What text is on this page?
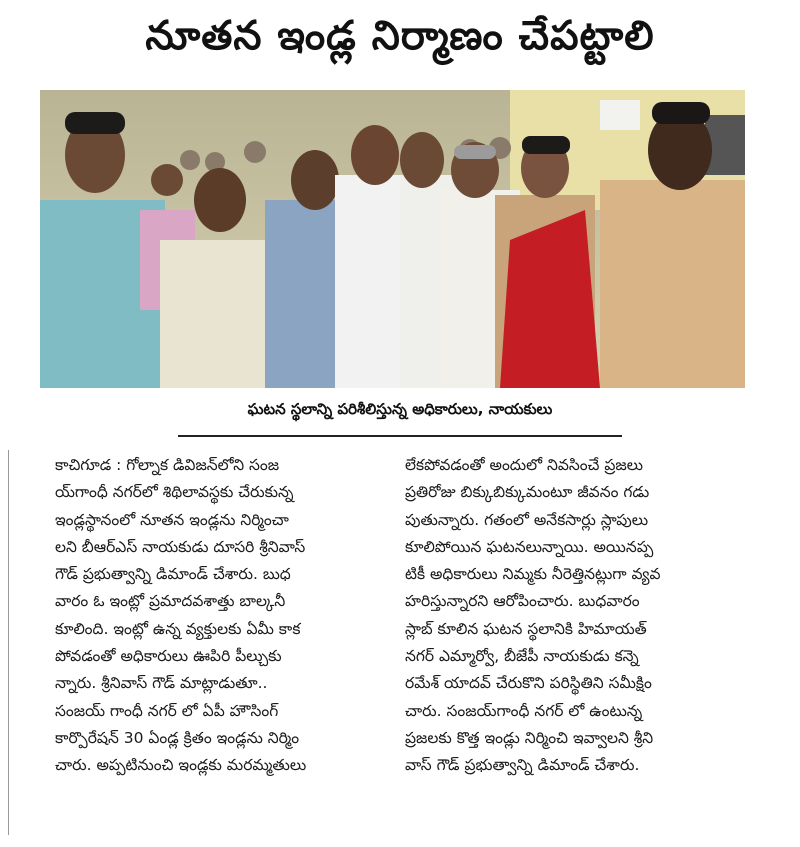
నూతన ఇండ్ల నిర్మాణం చేపట్టాలి
ఘటన స్థలాన్ని పరిశీలిస్తున్న అధికారులు, నాయకులు

కాచిగూడ : గోల్నాక డివిజన్‌లోని సంజ

య్‌గాంధీ నగర్‌లో శిథిలావస్థకు చేరుకున్న

ఇండ్లస్థానంలో నూతన ఇండ్లను నిర్మించా

లని బీఆర్ఎస్ నాయకుడు దూసరి శ్రీనివాస్

గౌడ్ ప్రభుత్వాన్ని డిమాండ్ చేశారు. బుధ

వారం ఓ ఇంట్లో ప్రమాదవశాత్తు బాల్కనీ

కూలింది. ఇంట్లో ఉన్న వ్యక్తులకు ఏమీ కాక

పోవడంతో అధికారులు ఊపిరి పీల్చుకు

న్నారు. శ్రీనివాస్ గౌడ్ మాట్లాడుతూ..

సంజయ్ గాంధీ నగర్ లో ఏపీ హౌసింగ్

కార్పొరేషన్ 30 ఏండ్ల క్రితం ఇండ్లను నిర్మిం

చారు. అప్పటినుంచి ఇండ్లకు మరమ్మతులు

లేకపోవడంతో అందులో నివసించే ప్రజలు

ప్రతిరోజు బిక్కుబిక్కుమంటూ జీవనం గడు

పుతున్నారు. గతంలో అనేకసార్లు స్లాపులు

కూలిపోయిన ఘటనలున్నాయి. అయినప్ప

టికీ అధికారులు నిమ్మకు నీరెత్తినట్లుగా వ్యవ

హరిస్తున్నారని ఆరోపించారు. బుధవారం

స్లాబ్ కూలిన ఘటన స్థలానికి హిమాయత్

నగర్ ఎమ్మార్వో, బీజేపీ నాయకుడు కన్నె

రమేశ్ యాదవ్ చేరుకొని పరిస్థితిని సమీక్షిం

చారు. సంజయ్‌గాంధీ నగర్ లో ఉంటున్న

ప్రజలకు కొత్త ఇండ్లు నిర్మించి ఇవ్వాలని శ్రీని

వాస్ గౌడ్ ప్రభుత్వాన్ని డిమాండ్ చేశారు.
